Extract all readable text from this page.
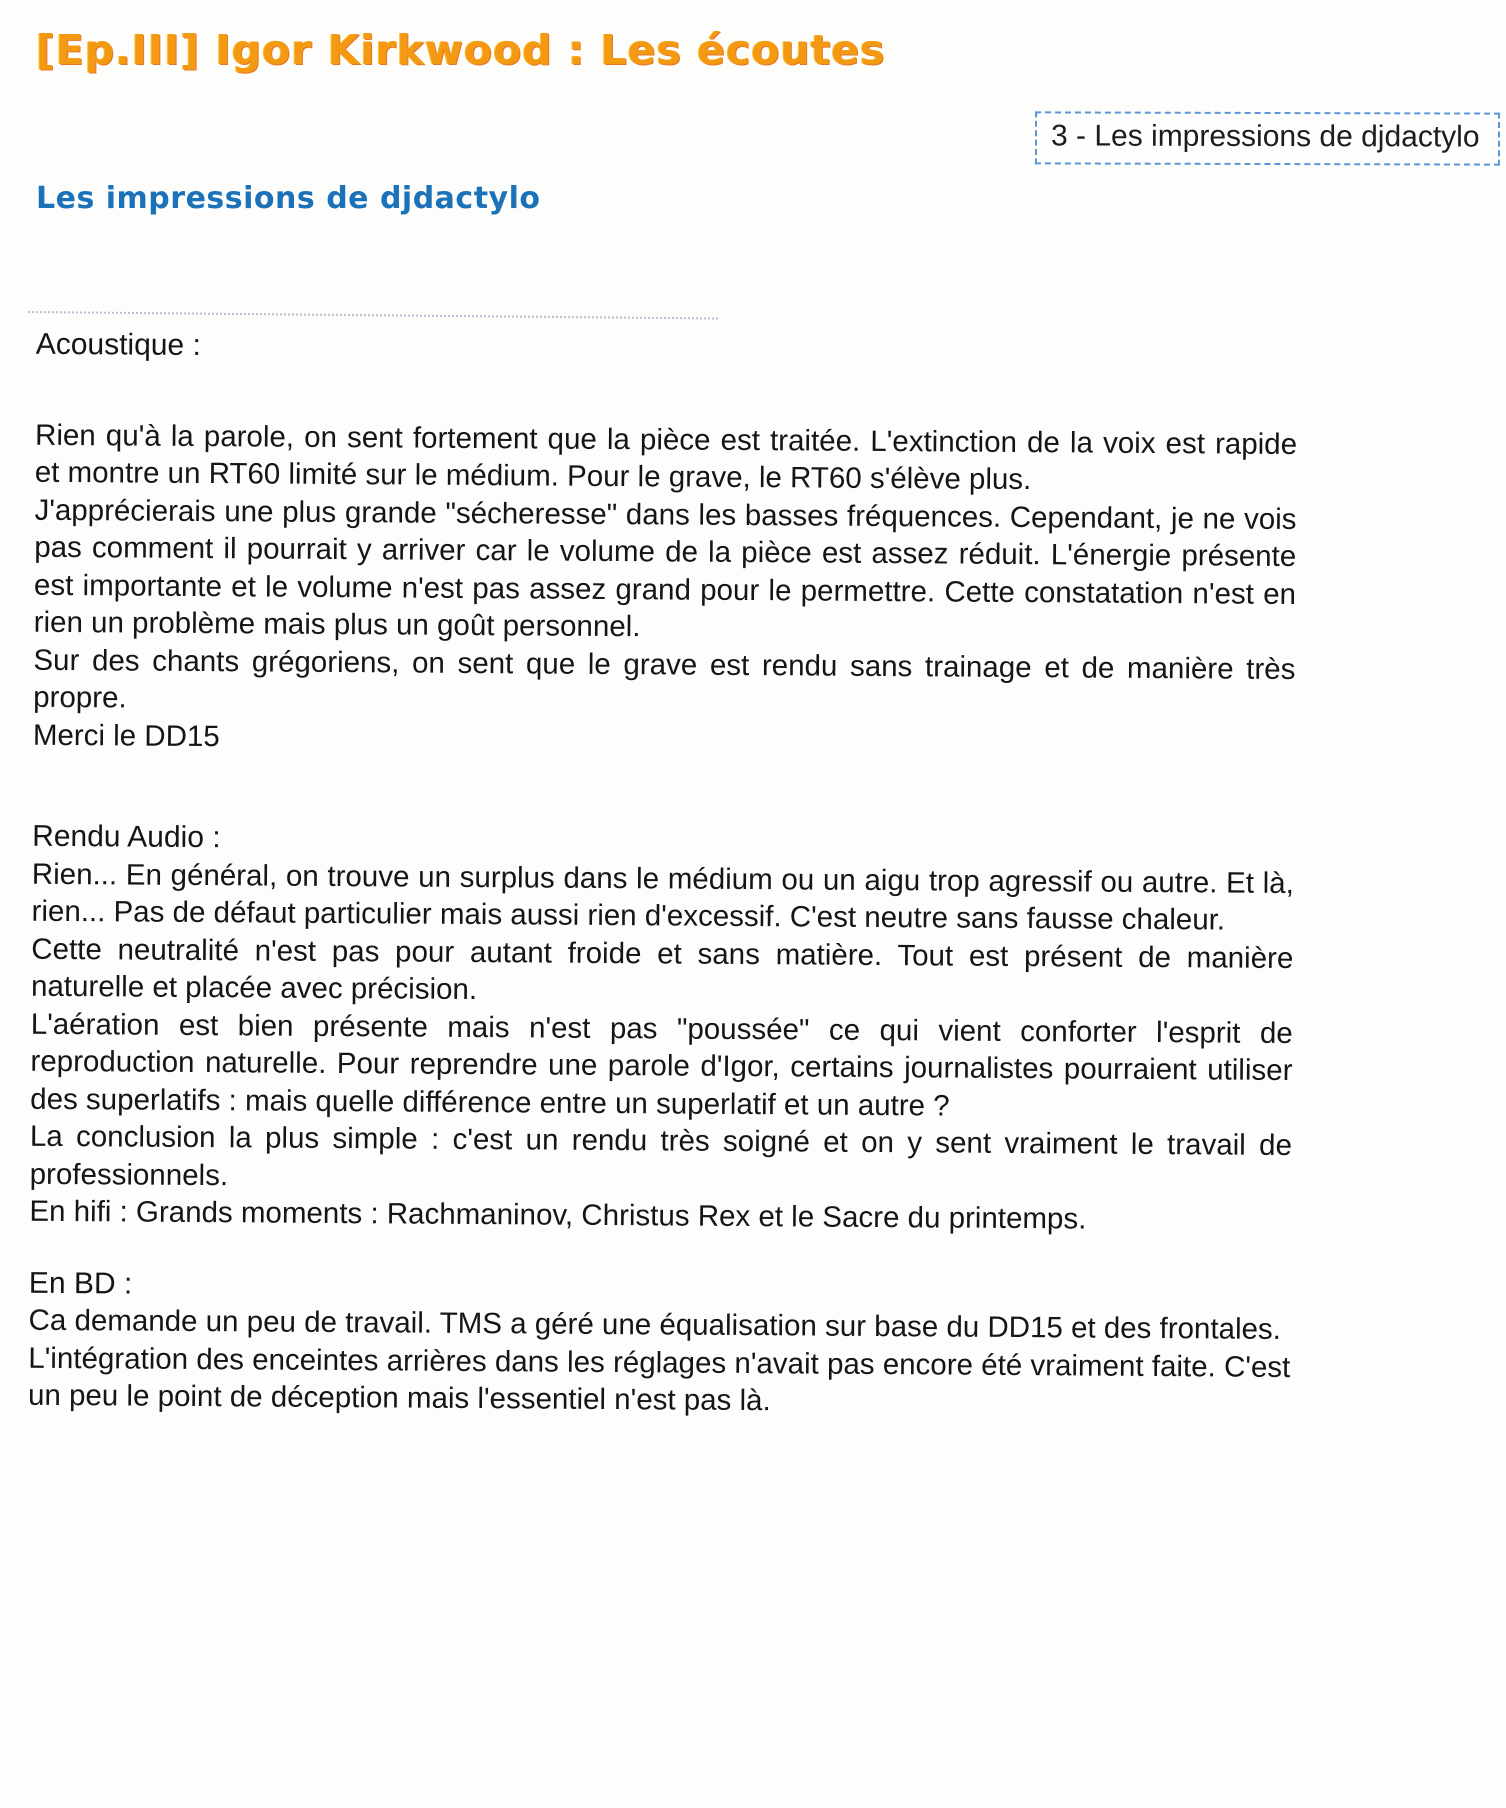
[Ep.III] Igor Kirkwood : Les écoutes
3 - Les impressions de djdactylo
Les impressions de djdactylo
Acoustique :

Rien qu'à la parole, on sent fortement que la pièce est traitée. L'extinction de la voix est rapide et montre un RT60 limité sur le médium. Pour le grave, le RT60 s'élève plus.

J'apprécierais une plus grande "sécheresse" dans les basses fréquences. Cependant, je ne vois pas comment il pourrait y arriver car le volume de la pièce est assez réduit. L'énergie présente est importante et le volume n'est pas assez grand pour le permettre. Cette constatation n'est en rien un problème mais plus un goût personnel.

Sur des chants grégoriens, on sent que le grave est rendu sans trainage et de manière très propre.

Merci le DD15

Rendu Audio :

Rien... En général, on trouve un surplus dans le médium ou un aigu trop agressif ou autre. Et là, rien... Pas de défaut particulier mais aussi rien d'excessif. C'est neutre sans fausse chaleur.

Cette neutralité n'est pas pour autant froide et sans matière. Tout est présent de manière naturelle et placée avec précision.

L'aération est bien présente mais n'est pas "poussée" ce qui vient conforter l'esprit de reproduction naturelle. Pour reprendre une parole d'Igor, certains journalistes pourraient utiliser des superlatifs : mais quelle différence entre un superlatif et un autre ?

La conclusion la plus simple : c'est un rendu très soigné et on y sent vraiment le travail de professionnels.

En hifi : Grands moments : Rachmaninov, Christus Rex et le Sacre du printemps.

En BD :

Ca demande un peu de travail. TMS a géré une équalisation sur base du DD15 et des frontales.

L'intégration des enceintes arrières dans les réglages n'avait pas encore été vraiment faite. C'est un peu le point de déception mais l'essentiel n'est pas là.
